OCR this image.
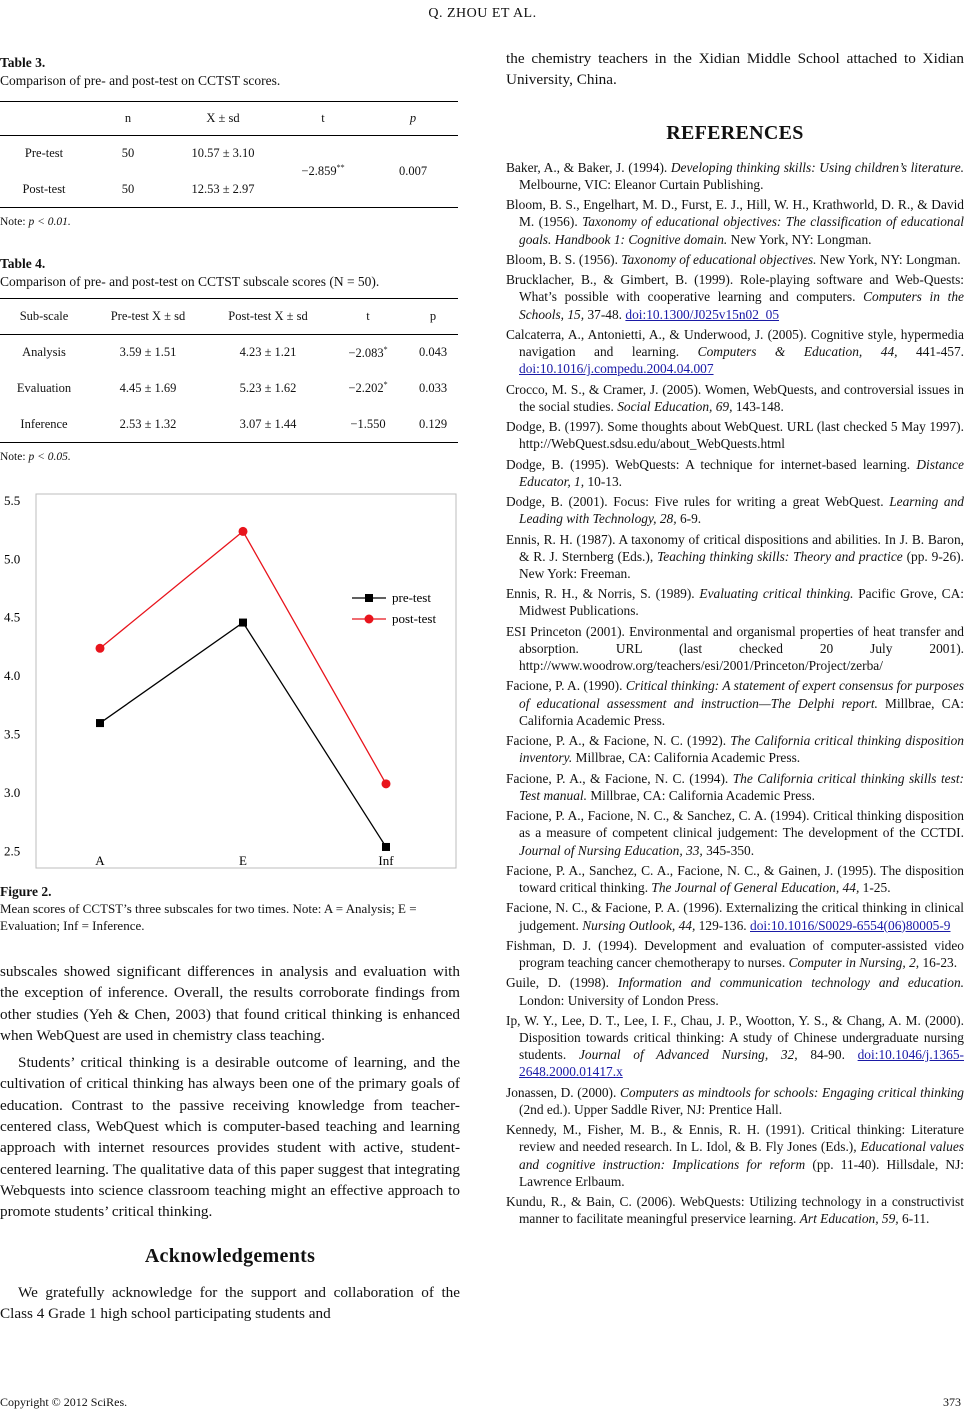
Q. ZHOU ET AL.
Table 3.
Comparison of pre- and post-test on CCTST scores.
	n	X ± sd	t	p
Pre-test	50	10.57 ± 3.10	−2.859**	0.007
Post-test	50	12.53 ± 2.97		
Note: p < 0.01.
Table 4.
Comparison of pre- and post-test on CCTST subscale scores (N = 50).
Sub-scale	Pre-test X ± sd	Post-test X ± sd	t	p
Analysis	3.59 ± 1.51	4.23 ± 1.21	−2.083*	0.043
Evaluation	4.45 ± 1.69	5.23 ± 1.62	−2.202*	0.033
Inference	2.53 ± 1.32	3.07 ± 1.44	−1.550	0.129
Note: p < 0.05.
2.5
3.0
3.5
4.0
4.5
5.0
5.5
A	E	Inf
pre-test
post-test
Figure 2.
Mean scores of CCTST’s three subscales for two times. Note: A = Analysis; E = Evaluation; Inf = Inference.

subscales showed significant differences in analysis and evaluation with the exception of inference. Overall, the results corroborate findings from other studies (Yeh & Chen, 2003) that found critical thinking is enhanced when WebQuest are used in chemistry class teaching.

Students’ critical thinking is a desirable outcome of learning, and the cultivation of critical thinking has always been one of the primary goals of education. Contrast to the passive receiving knowledge from teacher-centered class, WebQuest which is computer-based teaching and learning approach with internet resources provides student with active, student-centered learning. The qualitative data of this paper suggest that integrating Webquests into science classroom teaching might an effective approach to promote students’ critical thinking.

Acknowledgements

We gratefully acknowledge for the support and collaboration of the Class 4 Grade 1 high school participating students and

the chemistry teachers in the Xidian Middle School attached to Xidian University, China.

REFERENCES
Baker, A., & Baker, J. (1994). Developing thinking skills: Using children’s literature. Melbourne, VIC: Eleanor Curtain Publishing.
Bloom, B. S., Engelhart, M. D., Furst, E. J., Hill, W. H., Krathworld, D. R., & David M. (1956). Taxonomy of educational objectives: The classification of educational goals. Handbook 1: Cognitive domain. New York, NY: Longman.
Bloom, B. S. (1956). Taxonomy of educational objectives. New York, NY: Longman.
Brucklacher, B., & Gimbert, B. (1999). Role-playing software and Web-Quests: What’s possible with cooperative learning and computers. Computers in the Schools, 15, 37-48. doi:10.1300/J025v15n02_05
Calcaterra, A., Antonietti, A., & Underwood, J. (2005). Cognitive style, hypermedia navigation and learning. Computers & Education, 44, 441-457. doi:10.1016/j.compedu.2004.04.007
Crocco, M. S., & Cramer, J. (2005). Women, WebQuests, and controversial issues in the social studies. Social Education, 69, 143-148.
Dodge, B. (1997). Some thoughts about WebQuest. URL (last checked 5 May 1997). http://WebQuest.sdsu.edu/about_WebQuests.html
Dodge, B. (1995). WebQuests: A technique for internet-based learning. Distance Educator, 1, 10-13.
Dodge, B. (2001). Focus: Five rules for writing a great WebQuest. Learning and Leading with Technology, 28, 6-9.
Ennis, R. H. (1987). A taxonomy of critical dispositions and abilities. In J. B. Baron, & R. J. Sternberg (Eds.), Teaching thinking skills: Theory and practice (pp. 9-26). New York: Freeman.
Ennis, R. H., & Norris, S. (1989). Evaluating critical thinking. Pacific Grove, CA: Midwest Publications.
ESI Princeton (2001). Environmental and organismal properties of heat transfer and absorption. URL (last checked 20 July 2001). http://www.woodrow.org/teachers/esi/2001/Princeton/Project/zerba/
Facione, P. A. (1990). Critical thinking: A statement of expert consensus for purposes of educational assessment and instruction—The Delphi report. Millbrae, CA: California Academic Press.
Facione, P. A., & Facione, N. C. (1992). The California critical thinking disposition inventory. Millbrae, CA: California Academic Press.
Facione, P. A., & Facione, N. C. (1994). The California critical thinking skills test: Test manual. Millbrae, CA: California Academic Press.
Facione, P. A., Facione, N. C., & Sanchez, C. A. (1994). Critical thinking disposition as a measure of competent clinical judgement: The development of the CCTDI. Journal of Nursing Education, 33, 345-350.
Facione, P. A., Sanchez, C. A., Facione, N. C., & Gainen, J. (1995). The disposition toward critical thinking. The Journal of General Education, 44, 1-25.
Facione, N. C., & Facione, P. A. (1996). Externalizing the critical thinking in clinical judgement. Nursing Outlook, 44, 129-136. doi:10.1016/S0029-6554(06)80005-9
Fishman, D. J. (1994). Development and evaluation of computer-assisted video program teaching cancer chemotherapy to nurses. Computer in Nursing, 2, 16-23.
Guile, D. (1998). Information and communication technology and education. London: University of London Press.
Ip, W. Y., Lee, D. T., Lee, I. F., Chau, J. P., Wootton, Y. S., & Chang, A. M. (2000). Disposition towards critical thinking: A study of Chinese undergraduate nursing students. Journal of Advanced Nursing, 32, 84-90. doi:10.1046/j.1365-2648.2000.01417.x
Jonassen, D. (2000). Computers as mindtools for schools: Engaging critical thinking (2nd ed.). Upper Saddle River, NJ: Prentice Hall.
Kennedy, M., Fisher, M. B., & Ennis, R. H. (1991). Critical thinking: Literature review and needed research. In L. Idol, & B. Fly Jones (Eds.), Educational values and cognitive instruction: Implications for reform (pp. 11-40). Hillsdale, NJ: Lawrence Erlbaum.
Kundu, R., & Bain, C. (2006). WebQuests: Utilizing technology in a constructivist manner to facilitate meaningful preservice learning. Art Education, 59, 6-11.
Copyright © 2012 SciRes.	373
